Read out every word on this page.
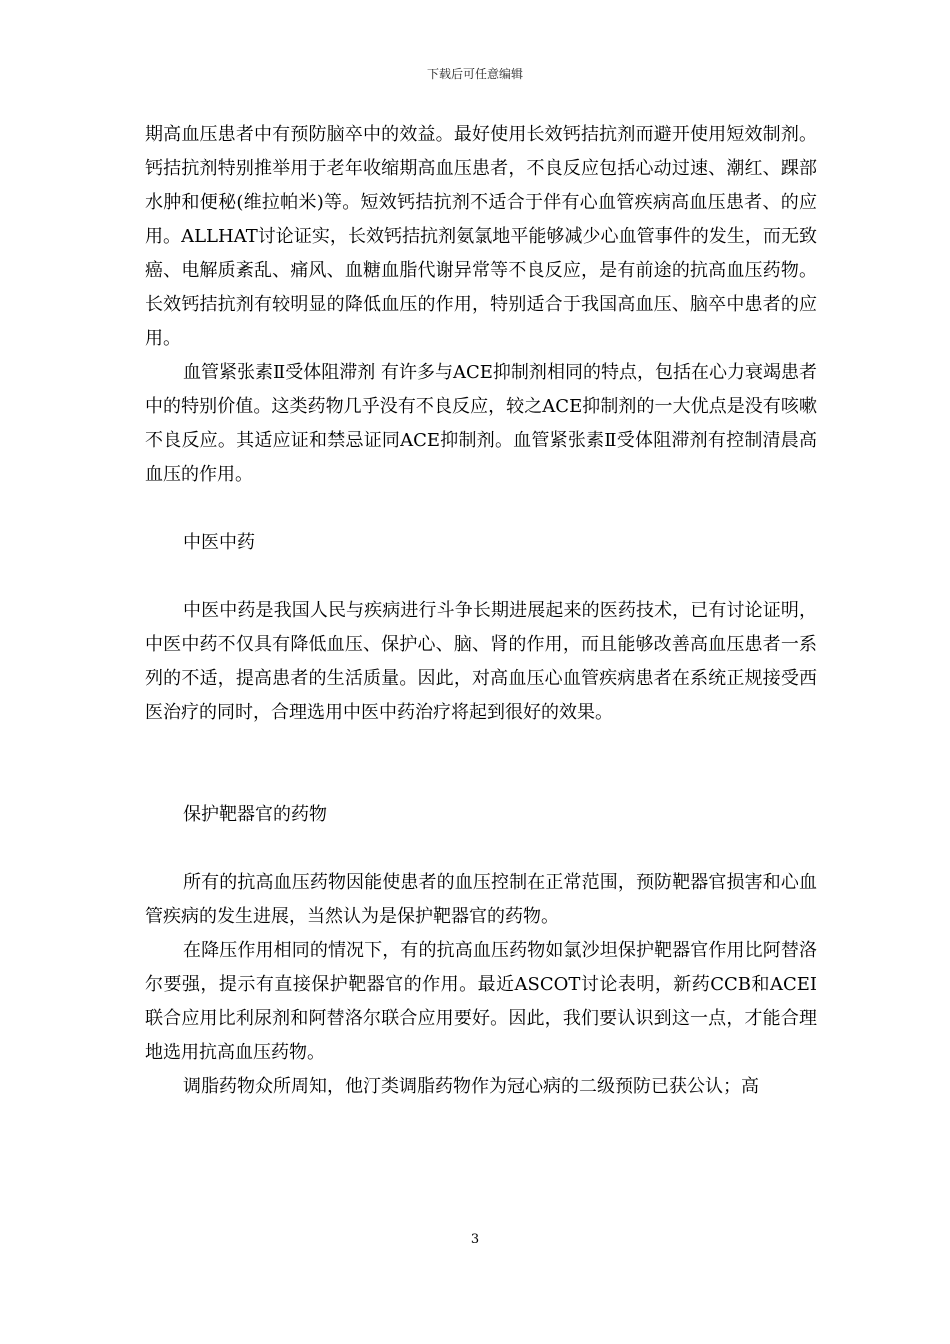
下载后可任意编辑

期高血压患者中有预防脑卒中的效益。最好使用长效钙拮抗剂而避开使用短效制剂。钙拮抗剂特别推举用于老年收缩期高血压患者，不良反应包括心动过速、潮红、踝部水肿和便秘(维拉帕米)等。短效钙拮抗剂不适合于伴有心血管疾病高血压患者、的应用。ALLHAT讨论证实，长效钙拮抗剂氨氯地平能够减少心血管事件的发生，而无致癌、电解质紊乱、痛风、血糖血脂代谢异常等不良反应，是有前途的抗高血压药物。长效钙拮抗剂有较明显的降低血压的作用，特别适合于我国高血压、脑卒中患者的应用。

血管紧张素Ⅱ受体阻滞剂 有许多与ACE抑制剂相同的特点，包括在心力衰竭患者中的特别价值。这类药物几乎没有不良反应，较之ACE抑制剂的一大优点是没有咳嗽不良反应。其适应证和禁忌证同ACE抑制剂。血管紧张素Ⅱ受体阻滞剂有控制清晨高血压的作用。

中医中药

中医中药是我国人民与疾病进行斗争长期进展起来的医药技术，已有讨论证明，中医中药不仅具有降低血压、保护心、脑、肾的作用，而且能够改善高血压患者一系列的不适，提高患者的生活质量。因此，对高血压心血管疾病患者在系统正规接受西医治疗的同时，合理选用中医中药治疗将起到很好的效果。

保护靶器官的药物

所有的抗高血压药物因能使患者的血压控制在正常范围，预防靶器官损害和心血管疾病的发生进展，当然认为是保护靶器官的药物。

在降压作用相同的情况下，有的抗高血压药物如氯沙坦保护靶器官作用比阿替洛尔要强，提示有直接保护靶器官的作用。最近ASCOT讨论表明，新药CCB和ACEI联合应用比利尿剂和阿替洛尔联合应用要好。因此，我们要认识到这一点，才能合理地选用抗高血压药物。

调脂药物众所周知，他汀类调脂药物作为冠心病的二级预防已获公认；高

3
